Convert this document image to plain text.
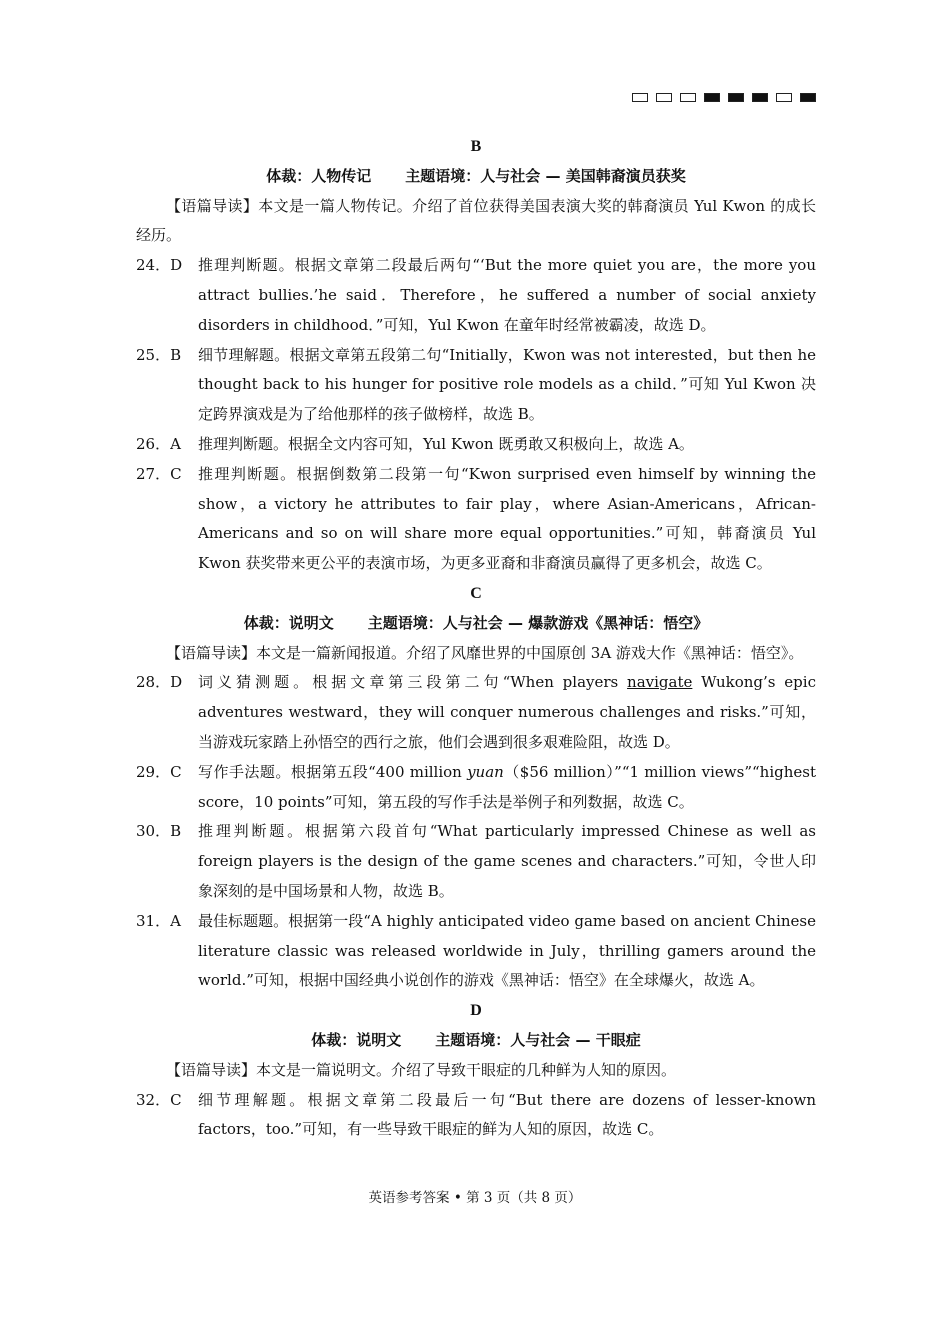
B
体裁：人物传记 主题语境：人与社会 — 美国韩裔演员获奖
【语篇导读】本文是一篇人物传记。介绍了首位获得美国表演大奖的韩裔演员 Yul Kwon 的成长经历。
24．D	推理判断题。根据文章第二段最后两句“‘But the more quiet you are，the more you attract bullies.’he said．Therefore，he suffered a number of social anxiety disorders in childhood．”可知，Yul Kwon 在童年时经常被霸凌，故选 D。
25．B	细节理解题。根据文章第五段第二句“Initially，Kwon was not interested，but then he thought back to his hunger for positive role models as a child．”可知 Yul Kwon 决定跨界演戏是为了给他那样的孩子做榜样，故选 B。
26．A	推理判断题。根据全文内容可知，Yul Kwon 既勇敢又积极向上，故选 A。
27．C	推理判断题。根据倒数第二段第一句“Kwon surprised even himself by winning the show，a victory he attributes to fair play，where Asian-Americans，African-Americans and so on will share more equal opportunities.”可知，韩裔演员 Yul Kwon 获奖带来更公平的表演市场，为更多亚裔和非裔演员赢得了更多机会，故选 C。
C
体裁：说明文 主题语境：人与社会 — 爆款游戏《黑神话：悟空》
【语篇导读】本文是一篇新闻报道。介绍了风靡世界的中国原创 3A 游戏大作《黑神话：悟空》。
28．D	词义猜测题。根据文章第三段第二句“When players navigate Wukong’s epic adventures westward，they will conquer numerous challenges and risks.”可知，当游戏玩家踏上孙悟空的西行之旅，他们会遇到很多艰难险阻，故选 D。
29．C	写作手法题。根据第五段“400 million yuan（$56 million）”“1 million views”“highest score，10 points”可知，第五段的写作手法是举例子和列数据，故选 C。
30．B	推理判断题。根据第六段首句“What particularly impressed Chinese as well as foreign players is the design of the game scenes and characters.”可知，令世人印象深刻的是中国场景和人物，故选 B。
31．A	最佳标题题。根据第一段“A highly anticipated video game based on ancient Chinese literature classic was released worldwide in July，thrilling gamers around the world.”可知，根据中国经典小说创作的游戏《黑神话：悟空》在全球爆火，故选 A。
D
体裁：说明文 主题语境：人与社会 — 干眼症
【语篇导读】本文是一篇说明文。介绍了导致干眼症的几种鲜为人知的原因。
32．C	细节理解题。根据文章第二段最后一句“But there are dozens of lesser-known factors，too.”可知，有一些导致干眼症的鲜为人知的原因，故选 C。
英语参考答案 • 第 3 页（共 8 页）
